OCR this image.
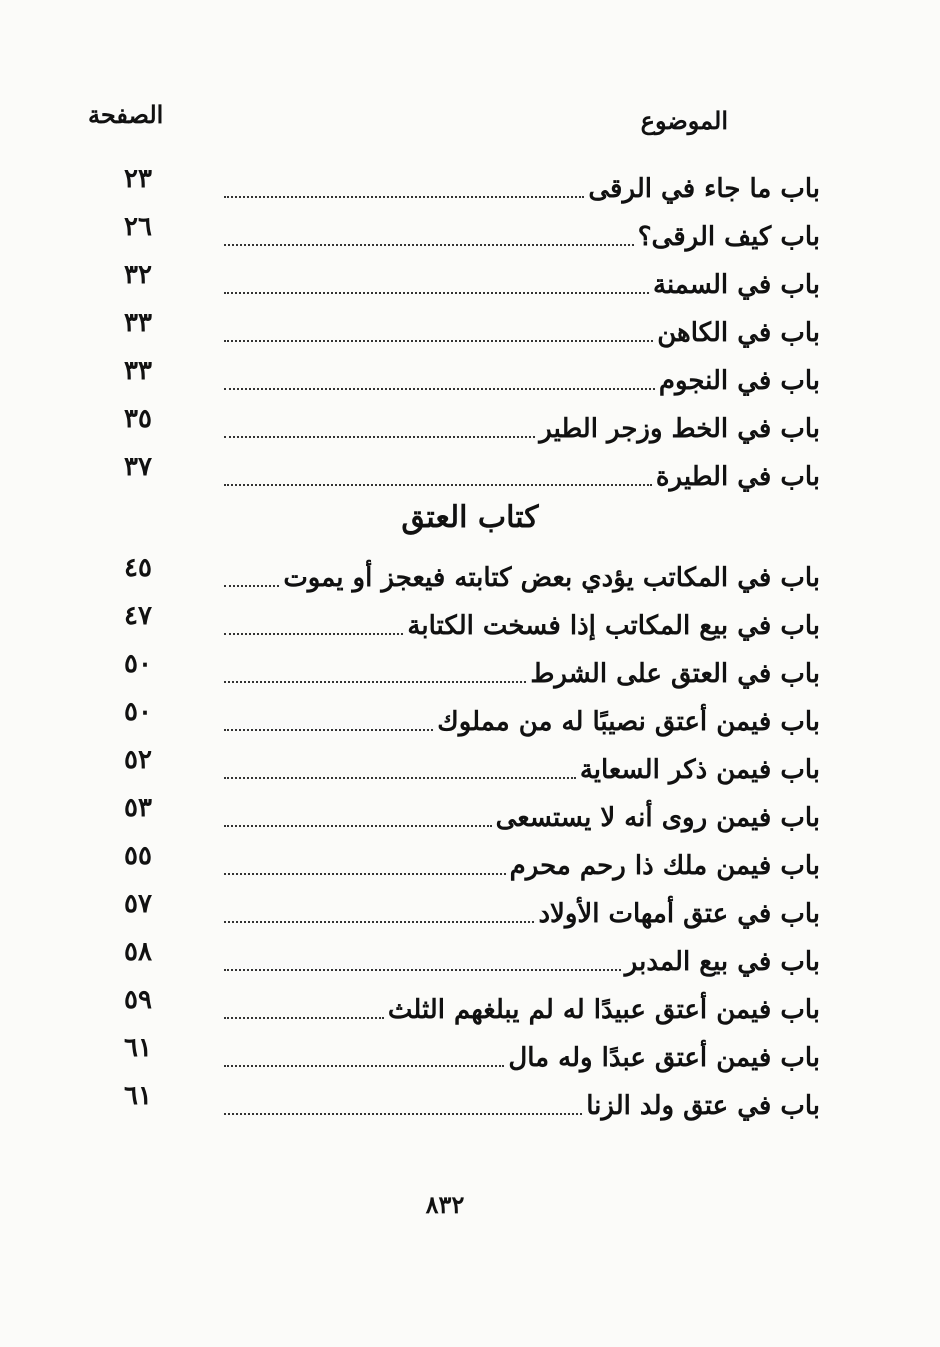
الموضوع
الصفحة
باب ما جاء في الرقى
٢٣
باب كيف الرقى؟
٢٦
باب في السمنة
٣٢
باب في الكاهن
٣٣
باب في النجوم
٣٣
باب في الخط وزجر الطير
٣٥
باب في الطيرة
٣٧
كتاب العتق
باب في المكاتب يؤدي بعض كتابته فيعجز أو يموت
٤٥
باب في بيع المكاتب إذا فسخت الكتابة
٤٧
باب في العتق على الشرط
٥٠
باب فيمن أعتق نصيبًا له من مملوك
٥٠
باب فيمن ذكر السعاية
٥٢
باب فيمن روى أنه لا يستسعى
٥٣
باب فيمن ملك ذا رحم محرم
٥٥
باب في عتق أمهات الأولاد
٥٧
باب في بيع المدبر
٥٨
باب فيمن أعتق عبيدًا له لم يبلغهم الثلث
٥٩
باب فيمن أعتق عبدًا وله مال
٦١
باب في عتق ولد الزنا
٦١
٨٣٢
